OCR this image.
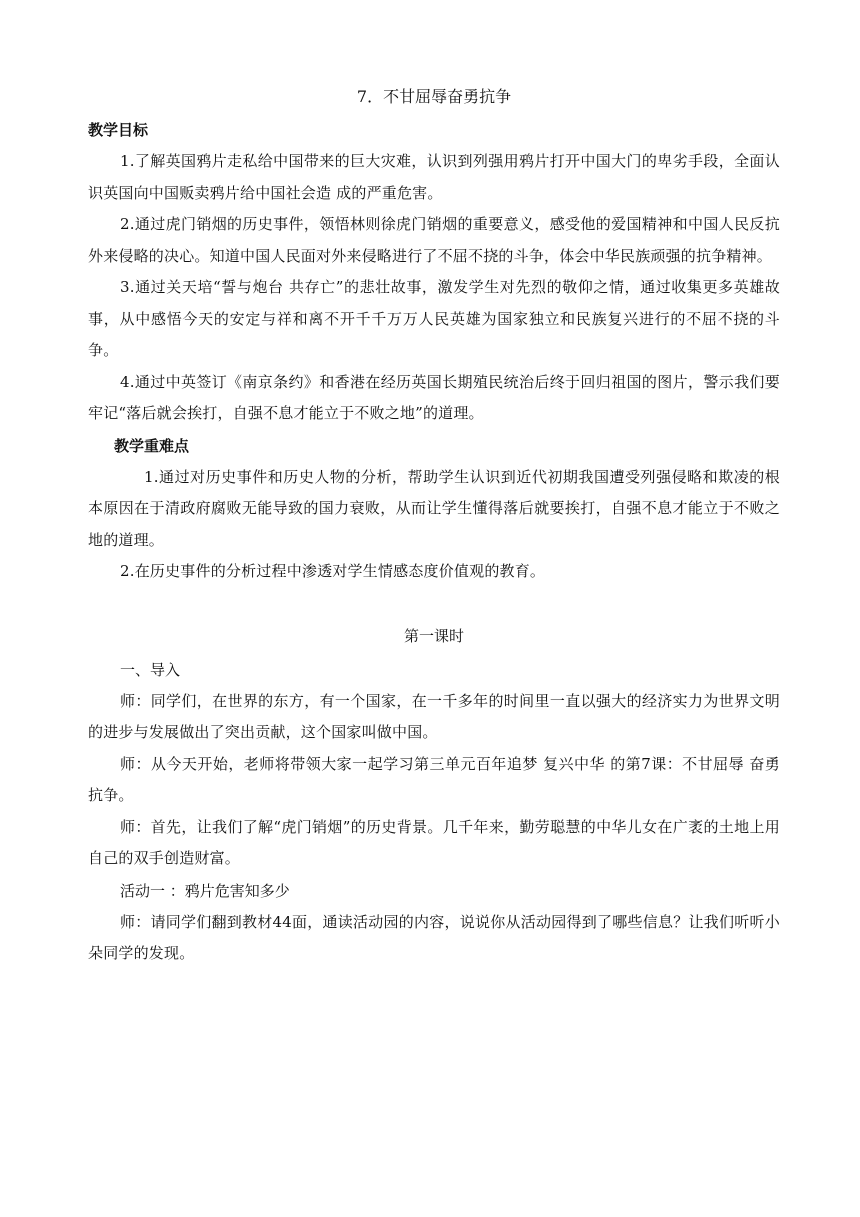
7．不甘屈辱奋勇抗争
教学目标

1.了解英国鸦片走私给中国带来的巨大灾难，认识到列强用鸦片打开中国大门的卑劣手段，全面认识英国向中国贩卖鸦片给中国社会造 成的严重危害。

2.通过虎门销烟的历史事件，领悟林则徐虎门销烟的重要意义，感受他的爱国精神和中国人民反抗外来侵略的决心。知道中国人民面对外来侵略进行了不屈不挠的斗争，体会中华民族顽强的抗争精神。

3.通过关天培“誓与炮台 共存亡”的悲壮故事，激发学生对先烈的敬仰之情，通过收集更多英雄故事，从中感悟今天的安定与祥和离不开千千万万人民英雄为国家独立和民族复兴进行的不屈不挠的斗争。

4.通过中英签订《南京条约》和香港在经历英国长期殖民统治后终于回归祖国的图片，警示我们要牢记“落后就会挨打，自强不息才能立于不败之地”的道理。

教学重难点

1.通过对历史事件和历史人物的分析，帮助学生认识到近代初期我国遭受列强侵略和欺凌的根本原因在于清政府腐败无能导致的国力衰败，从而让学生懂得落后就要挨打，自强不息才能立于不败之地的道理。

2.在历史事件的分析过程中渗透对学生情感态度价值观的教育。

第一课时
一、导入

师：同学们，在世界的东方，有一个国家，在一千多年的时间里一直以强大的经济实力为世界文明的进步与发展做出了突出贡献，这个国家叫做中国。

师：从今天开始，老师将带领大家一起学习第三单元百年追梦 复兴中华 的第7课：不甘屈辱 奋勇抗争。

师：首先，让我们了解“虎门销烟”的历史背景。几千年来，勤劳聪慧的中华儿女在广袤的土地上用自己的双手创造财富。

活动一 ：鸦片危害知多少

师：请同学们翻到教材44面，通读活动园的内容，说说你从活动园得到了哪些信息？让我们听听小朵同学的发现。
